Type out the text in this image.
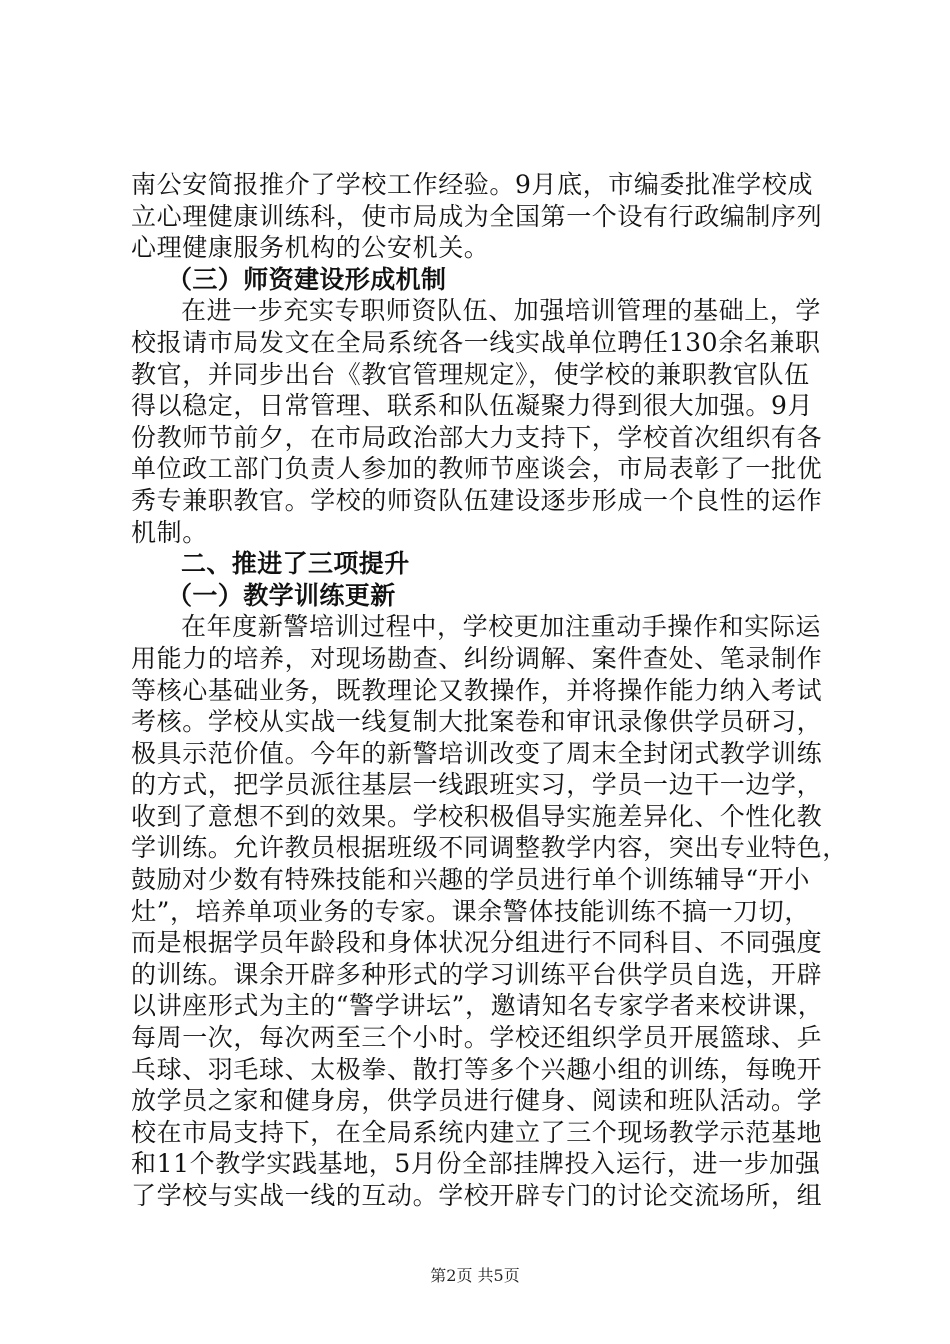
南公安简报推介了学校工作经验。9月底，市编委批准学校成
立心理健康训练科，使市局成为全国第一个设有行政编制序列
心理健康服务机构的公安机关。
（三）师资建设形成机制
在进一步充实专职师资队伍、加强培训管理的基础上，学
校报请市局发文在全局系统各一线实战单位聘任130余名兼职
教官，并同步出台《教官管理规定》，使学校的兼职教官队伍
得以稳定，日常管理、联系和队伍凝聚力得到很大加强。9月
份教师节前夕，在市局政治部大力支持下，学校首次组织有各
单位政工部门负责人参加的教师节座谈会，市局表彰了一批优
秀专兼职教官。学校的师资队伍建设逐步形成一个良性的运作
机制。
二、推进了三项提升
（一）教学训练更新
在年度新警培训过程中，学校更加注重动手操作和实际运
用能力的培养，对现场勘查、纠纷调解、案件查处、笔录制作
等核心基础业务，既教理论又教操作，并将操作能力纳入考试
考核。学校从实战一线复制大批案卷和审讯录像供学员研习，
极具示范价值。今年的新警培训改变了周末全封闭式教学训练
的方式，把学员派往基层一线跟班实习，学员一边干一边学，
收到了意想不到的效果。学校积极倡导实施差异化、个性化教
学训练。允许教员根据班级不同调整教学内容，突出专业特色，
鼓励对少数有特殊技能和兴趣的学员进行单个训练辅导“开小
灶”，培养单项业务的专家。课余警体技能训练不搞一刀切，
而是根据学员年龄段和身体状况分组进行不同科目、不同强度
的训练。课余开辟多种形式的学习训练平台供学员自选，开辟
以讲座形式为主的“警学讲坛”，邀请知名专家学者来校讲课，
每周一次，每次两至三个小时。学校还组织学员开展篮球、乒
乓球、羽毛球、太极拳、散打等多个兴趣小组的训练，每晚开
放学员之家和健身房，供学员进行健身、阅读和班队活动。学
校在市局支持下，在全局系统内建立了三个现场教学示范基地
和11个教学实践基地，5月份全部挂牌投入运行，进一步加强
了学校与实战一线的互动。学校开辟专门的讨论交流场所，组
第2页 共5页
